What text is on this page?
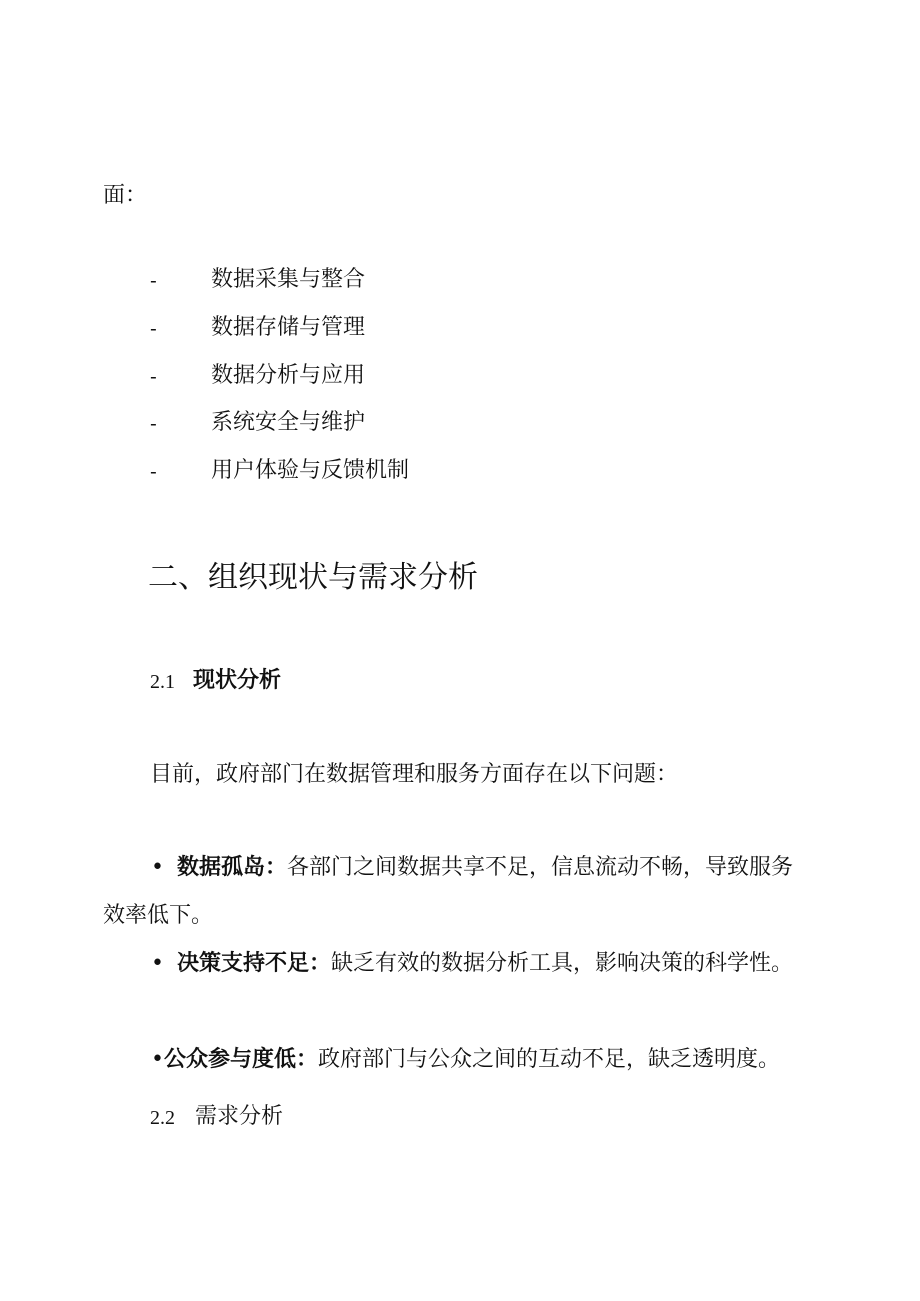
面：
- 数据采集与整合
- 数据存储与管理
- 数据分析与应用
- 系统安全与维护
- 用户体验与反馈机制
二、组织现状与需求分析
2.1 现状分析
目前，政府部门在数据管理和服务方面存在以下问题：
• 数据孤岛：各部门之间数据共享不足，信息流动不畅，导致服务效率低下。
• 决策支持不足：缺乏有效的数据分析工具，影响决策的科学性。
•公众参与度低：政府部门与公众之间的互动不足，缺乏透明度。
2.2 需求分析
